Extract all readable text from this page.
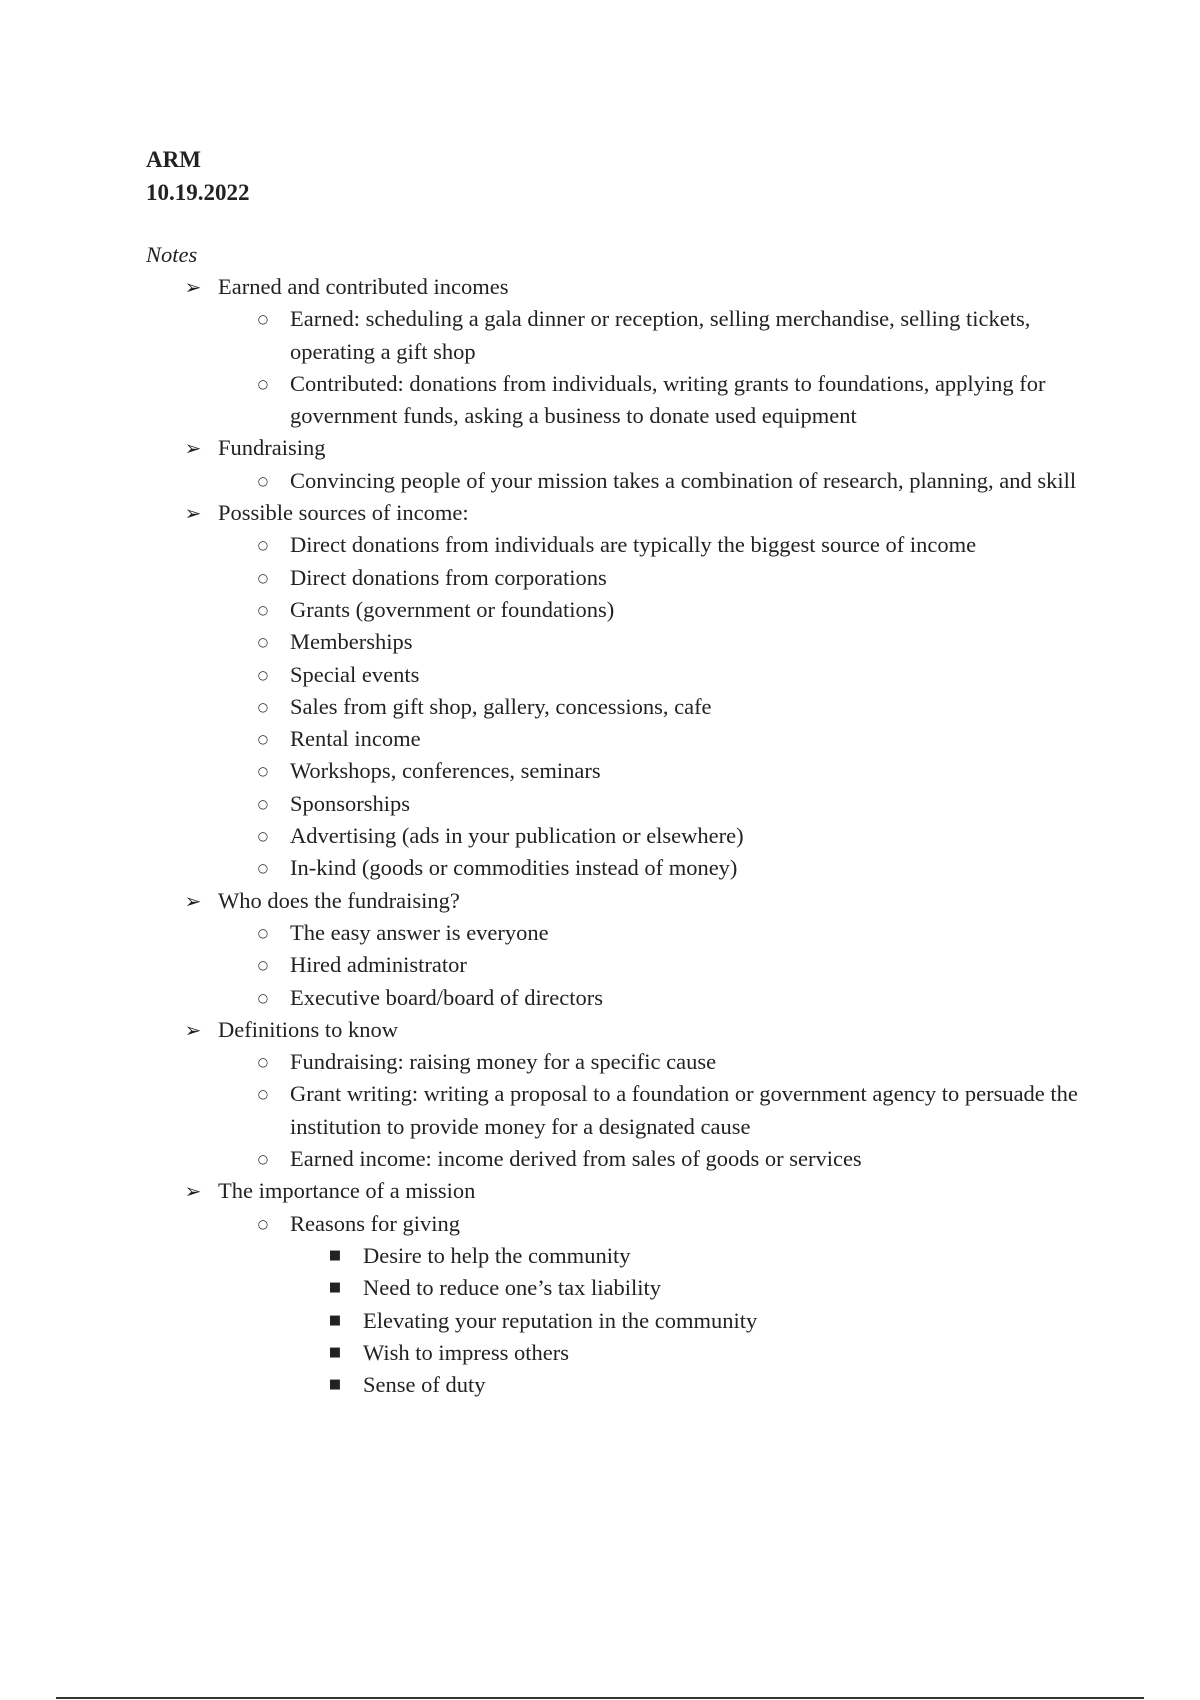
ARM
10.19.2022
Notes
➢ Earned and contributed incomes
○ Earned: scheduling a gala dinner or reception, selling merchandise, selling tickets, operating a gift shop
○ Contributed: donations from individuals, writing grants to foundations, applying for government funds, asking a business to donate used equipment
➢ Fundraising
○ Convincing people of your mission takes a combination of research, planning, and skill
➢ Possible sources of income:
○ Direct donations from individuals are typically the biggest source of income
○ Direct donations from corporations
○ Grants (government or foundations)
○ Memberships
○ Special events
○ Sales from gift shop, gallery, concessions, cafe
○ Rental income
○ Workshops, conferences, seminars
○ Sponsorships
○ Advertising (ads in your publication or elsewhere)
○ In-kind (goods or commodities instead of money)
➢ Who does the fundraising?
○ The easy answer is everyone
○ Hired administrator
○ Executive board/board of directors
➢ Definitions to know
○ Fundraising: raising money for a specific cause
○ Grant writing: writing a proposal to a foundation or government agency to persuade the institution to provide money for a designated cause
○ Earned income: income derived from sales of goods or services
➢ The importance of a mission
○ Reasons for giving
■ Desire to help the community
■ Need to reduce one’s tax liability
■ Elevating your reputation in the community
■ Wish to impress others
■ Sense of duty
